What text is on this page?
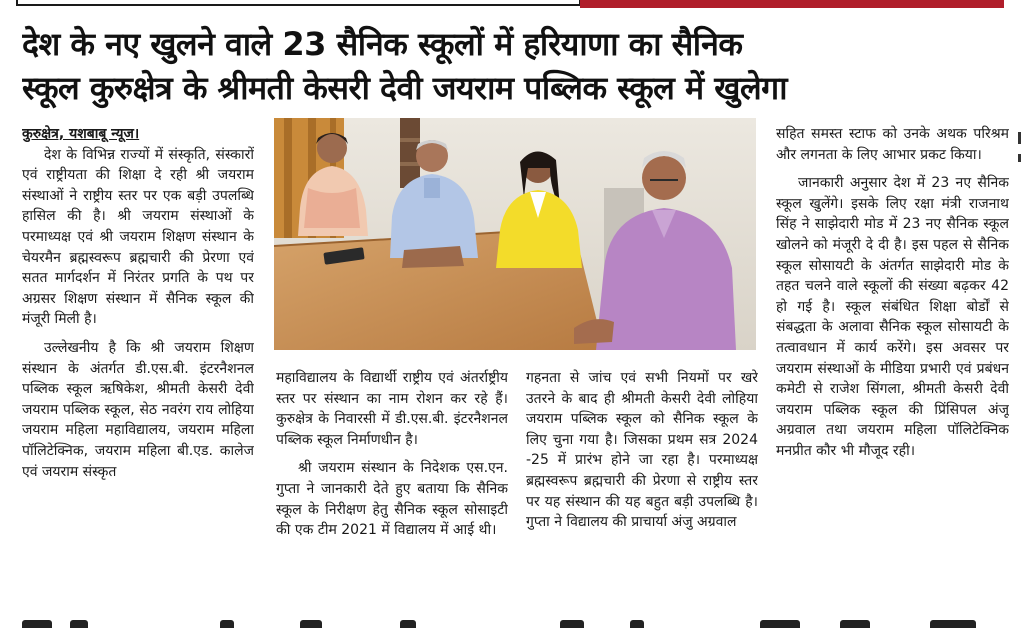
देश के नए खुलने वाले 23 सैनिक स्कूलों में हरियाणा का सैनिक
स्कूल कुरुक्षेत्र के श्रीमती केसरी देवी जयराम पब्लिक स्कूल में खुलेगा

कुरुक्षेत्र, यशबाबू न्यूज।

देश के विभिन्न राज्यों में संस्कृति, संस्कारों एवं राष्ट्रीयता की शिक्षा दे रही श्री जयराम संस्थाओं ने राष्ट्रीय स्तर पर एक बड़ी उपलब्धि हासिल की है। श्री जयराम संस्थाओं के परमाध्यक्ष एवं श्री जयराम शिक्षण संस्थान के चेयरमैन ब्रह्मस्वरूप ब्रह्मचारी की प्रेरणा एवं सतत मार्गदर्शन में निरंतर प्रगति के पथ पर अग्रसर शिक्षण संस्थान में सैनिक स्कूल की मंजूरी मिली है।

उल्लेखनीय है कि श्री जयराम शिक्षण संस्थान के अंतर्गत डी.एस.बी. इंटरनैशनल पब्लिक स्कूल ऋषिकेश, श्रीमती केसरी देवी जयराम पब्लिक स्कूल, सेठ नवरंग राय लोहिया जयराम महिला महाविद्यालय, जयराम महिला पॉलिटेक्निक, जयराम महिला बी.एड. कालेज एवं जयराम संस्कृत

महाविद्यालय के विद्यार्थी राष्ट्रीय एवं अंतर्राष्ट्रीय स्तर पर संस्थान का नाम रोशन कर रहे हैं। कुरुक्षेत्र के निवारसी में डी.एस.बी. इंटरनैशनल पब्लिक स्कूल निर्माणधीन है।

श्री जयराम संस्थान के निदेशक एस.एन. गुप्ता ने जानकारी देते हुए बताया कि सैनिक स्कूल के निरीक्षण हेतु सैनिक स्कूल सोसाइटी की एक टीम 2021 में विद्यालय में आई थी।

गहनता से जांच एवं सभी नियमों पर खरे उतरने के बाद ही श्रीमती केसरी देवी लोहिया जयराम पब्लिक स्कूल को सैनिक स्कूल के लिए चुना गया है। जिसका प्रथम सत्र 2024 -25 में प्रारंभ होने जा रहा है। परमाध्यक्ष ब्रह्मस्वरूप ब्रह्मचारी की प्रेरणा से राष्ट्रीय स्तर पर यह संस्थान की यह बहुत बड़ी उपलब्धि है। गुप्ता ने विद्यालय की प्राचार्या अंजु अग्रवाल

सहित समस्त स्टाफ को उनके अथक परिश्रम और लगनता के लिए आभार प्रकट किया।

जानकारी अनुसार देश में 23 नए सैनिक स्कूल खुलेंगे। इसके लिए रक्षा मंत्री राजनाथ सिंह ने साझेदारी मोड में 23 नए सैनिक स्कूल खोलने को मंजूरी दे दी है। इस पहल से सैनिक स्कूल सोसायटी के अंतर्गत साझेदारी मोड के तहत चलने वाले स्कूलों की संख्या बढ़कर 42 हो गई है। स्कूल संबंधित शिक्षा बोर्डों से संबद्धता के अलावा सैनिक स्कूल सोसायटी के तत्वावधान में कार्य करेंगे। इस अवसर पर जयराम संस्थाओं के मीडिया प्रभारी एवं प्रबंधन कमेटी से राजेश सिंगला, श्रीमती केसरी देवी जयराम पब्लिक स्कूल की प्रिंसिपल अंजू अग्रवाल तथा जयराम महिला पॉलिटेक्निक मनप्रीत कौर भी मौजूद रही।
